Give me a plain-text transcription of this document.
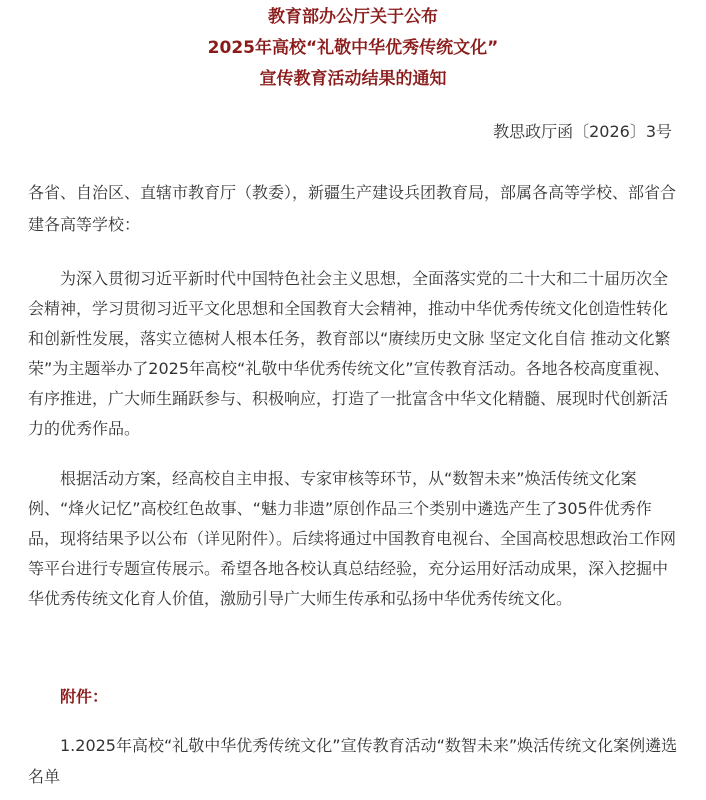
教育部办公厅关于公布
2025年高校“礼敬中华优秀传统文化”
宣传教育活动结果的通知
教思政厅函〔2026〕3号
各省、自治区、直辖市教育厅（教委），新疆生产建设兵团教育局，部属各高等学校、部省合建各高等学校：

为深入贯彻习近平新时代中国特色社会主义思想，全面落实党的二十大和二十届历次全会精神，学习贯彻习近平文化思想和全国教育大会精神，推动中华优秀传统文化创造性转化和创新性发展，落实立德树人根本任务，教育部以“赓续历史文脉 坚定文化自信 推动文化繁荣”为主题举办了2025年高校“礼敬中华优秀传统文化”宣传教育活动。各地各校高度重视、有序推进，广大师生踊跃参与、积极响应，打造了一批富含中华文化精髓、展现时代创新活力的优秀作品。

根据活动方案，经高校自主申报、专家审核等环节，从“数智未来”焕活传统文化案例、“烽火记忆”高校红色故事、“魅力非遗”原创作品三个类别中遴选产生了305件优秀作品，现将结果予以公布（详见附件）。后续将通过中国教育电视台、全国高校思想政治工作网等平台进行专题宣传展示。希望各地各校认真总结经验，充分运用好活动成果，深入挖掘中华优秀传统文化育人价值，激励引导广大师生传承和弘扬中华优秀传统文化。

附件：

1.2025年高校“礼敬中华优秀传统文化”宣传教育活动“数智未来”焕活传统文化案例遴选名单
